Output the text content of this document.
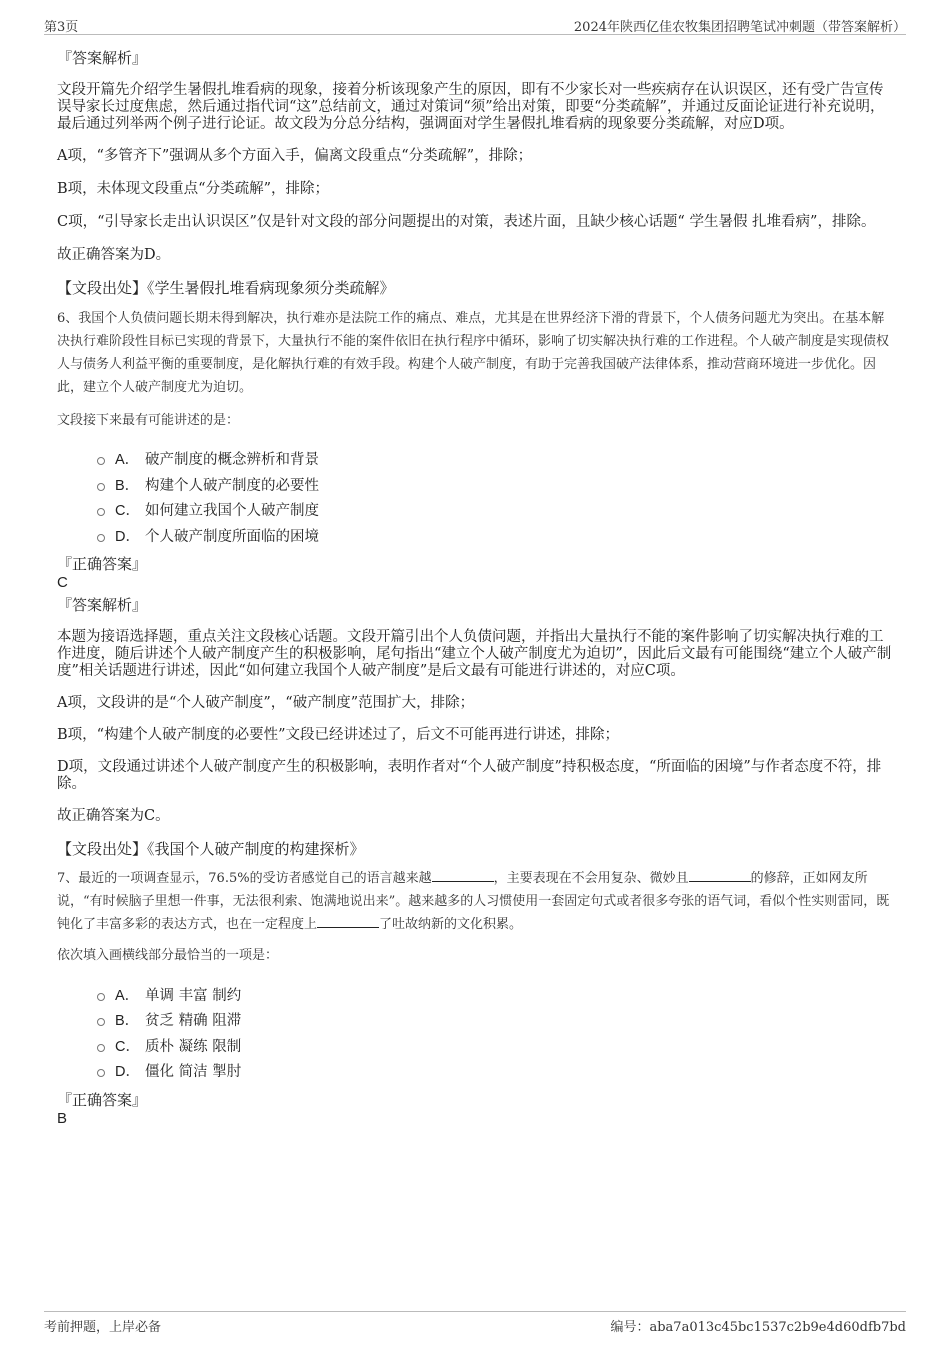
第3页	2024年陕西亿佳农牧集团招聘笔试冲刺题（带答案解析）
『答案解析』

文段开篇先介绍学生暑假扎堆看病的现象，接着分析该现象产生的原因，即有不少家长对一些疾病存在认识误区，还有受广告宣传误导家长过度焦虑，然后通过指代词“这”总结前文，通过对策词“须”给出对策，即要“分类疏解”，并通过反面论证进行补充说明，最后通过列举两个例子进行论证。故文段为分总分结构，强调面对学生暑假扎堆看病的现象要分类疏解，对应D项。

A项，“多管齐下”强调从多个方面入手，偏离文段重点“分类疏解”，排除；

B项，未体现文段重点“分类疏解”，排除；

C项，“引导家长走出认识误区”仅是针对文段的部分问题提出的对策，表述片面，且缺少核心话题“ 学生暑假 扎堆看病”，排除。

故正确答案为D。

【文段出处】《学生暑假扎堆看病现象须分类疏解》

6、我国个人负债问题长期未得到解决，执行难亦是法院工作的痛点、难点，尤其是在世界经济下滑的背景下，个人债务问题尤为突出。在基本解决执行难阶段性目标已实现的背景下，大量执行不能的案件依旧在执行程序中循环，影响了切实解决执行难的工作进程。个人破产制度是实现债权人与债务人利益平衡的重要制度，是化解执行难的有效手段。构建个人破产制度，有助于完善我国破产法律体系，推动营商环境进一步优化。因此，建立个人破产制度尤为迫切。

文段接下来最有可能讲述的是：

A． 破产制度的概念辨析和背景
B． 构建个人破产制度的必要性
C． 如何建立我国个人破产制度
D． 个人破产制度所面临的困境
『正确答案』
C
『答案解析』

本题为接语选择题，重点关注文段核心话题。文段开篇引出个人负债问题，并指出大量执行不能的案件影响了切实解决执行难的工作进度，随后讲述个人破产制度产生的积极影响，尾句指出“建立个人破产制度尤为迫切”，因此后文最有可能围绕“建立个人破产制度”相关话题进行讲述，因此“如何建立我国个人破产制度”是后文最有可能进行讲述的，对应C项。

A项，文段讲的是“个人破产制度”，“破产制度”范围扩大，排除；

B项，“构建个人破产制度的必要性”文段已经讲述过了，后文不可能再进行讲述，排除；

D项，文段通过讲述个人破产制度产生的积极影响，表明作者对“个人破产制度”持积极态度，“所面临的困境”与作者态度不符，排除。

故正确答案为C。

【文段出处】《我国个人破产制度的构建探析》

7、最近的一项调查显示，76.5%的受访者感觉自己的语言越来越	，主要表现在不会用复杂、微妙且	的修辞，正如网友所说，“有时候脑子里想一件事，无法很利索、饱满地说出来”。越来越多的人习惯使用一套固定句式或者很多夸张的语气词，看似个性实则雷同，既钝化了丰富多彩的表达方式，也在一定程度上	了吐故纳新的文化积累。

依次填入画横线部分最恰当的一项是：

A． 单调 丰富 制约
B． 贫乏 精确 阻滞
C． 质朴 凝练 限制
D． 僵化 简洁 掣肘
『正确答案』
B
考前押题，上岸必备	编号：aba7a013c45bc1537c2b9e4d60dfb7bd
